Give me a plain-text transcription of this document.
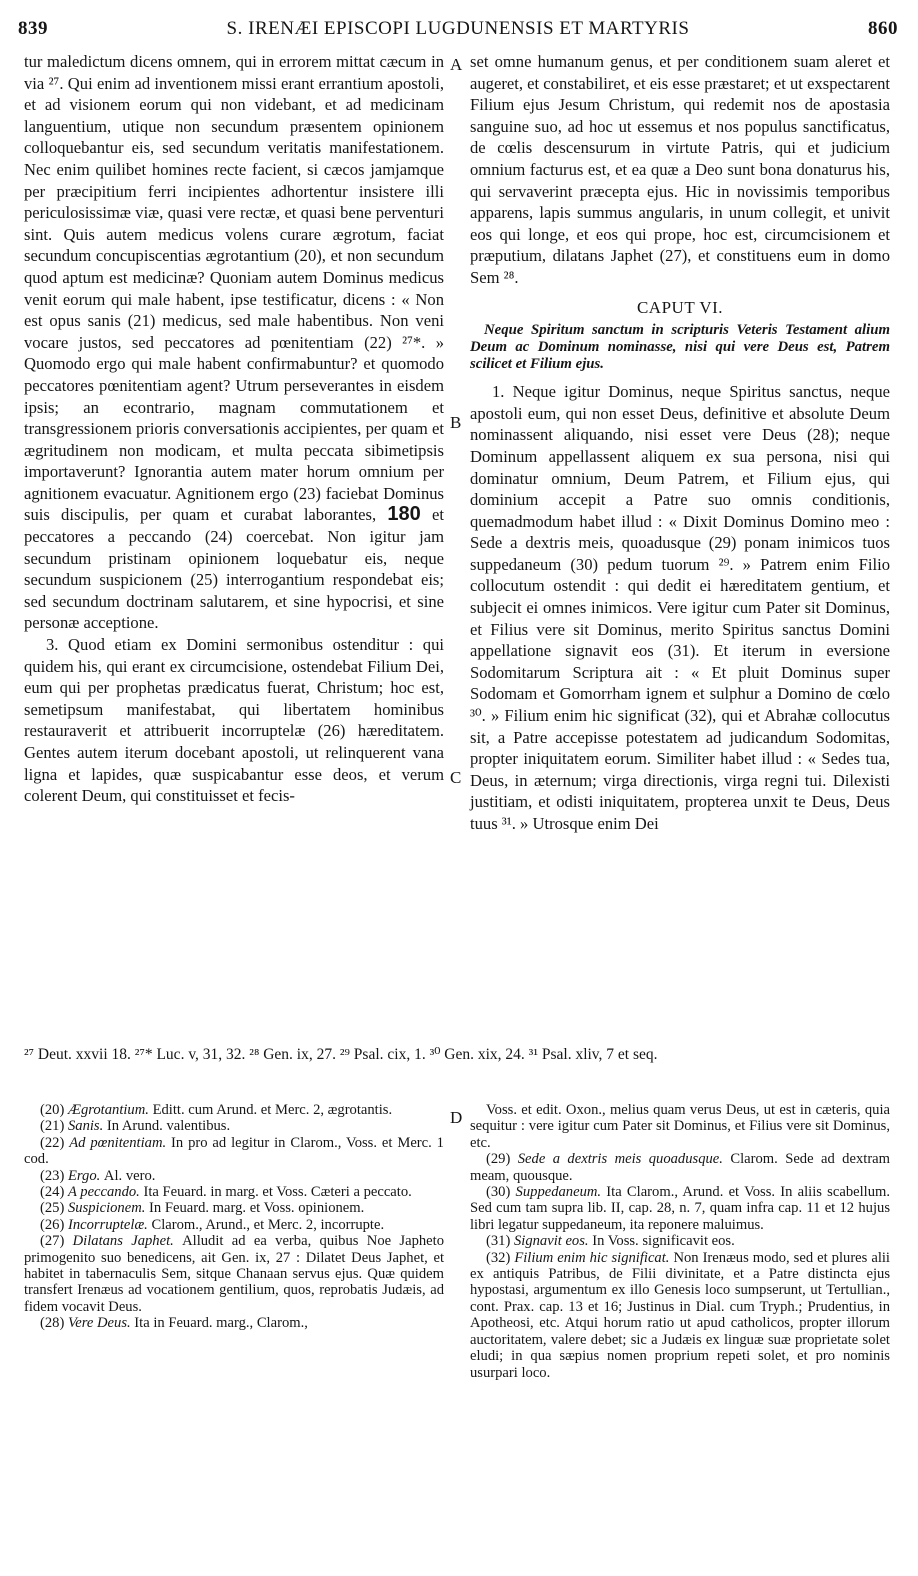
839	S. IRENÆI EPISCOPI LUGDUNENSIS ET MARTYRIS	860

tur maledictum dicens omnem, qui in errorem mittat cæcum in via ²⁷. Qui enim ad inventionem missi erant errantium apostoli, et ad visionem eorum qui non videbant, et ad medicinam languentium, utique non secundum præsentem opinionem colloquebantur eis, sed secundum veritatis manifestationem. Nec enim quilibet homines recte facient, si cæcos jamjamque per præcipitium ferri incipientes adhortentur insistere illi periculosissimæ viæ, quasi vere rectæ, et quasi bene perventuri sint. Quis autem medicus volens curare ægrotum, faciat secundum concupiscentias ægrotantium (20), et non secundum quod aptum est medicinæ? Quoniam autem Dominus medicus venit eorum qui male habent, ipse testificatur, dicens : « Non est opus sanis (21) medicus, sed male habentibus. Non veni vocare justos, sed peccatores ad pœnitentiam (22) ²⁷*. » Quomodo ergo qui male habent confirmabuntur? et quomodo peccatores pœnitentiam agent? Utrum perseverantes in eisdem ipsis; an econtrario, magnam commutationem et transgressionem prioris conversationis accipientes, per quam et ægritudinem non modicam, et multa peccata sibimetipsis importaverunt? Ignorantia autem mater horum omnium per agnitionem evacuatur. Agnitionem ergo (23) faciebat Dominus suis discipulis, per quam et curabat laborantes, 180 et peccatores a peccando (24) coercebat. Non igitur jam secundum pristinam opinionem loquebatur eis, neque secundum suspicionem (25) interrogantium respondebat eis; sed secundum doctrinam salutarem, et sine hypocrisi, et sine personæ acceptione.

3. Quod etiam ex Domini sermonibus ostenditur : qui quidem his, qui erant ex circumcisione, ostendebat Filium Dei, eum qui per prophetas prædicatus fuerat, Christum; hoc est, semetipsum manifestabat, qui libertatem hominibus restauraverit et attribuerit incorruptelæ (26) hæreditatem. Gentes autem iterum docebant apostoli, ut relinquerent vana ligna et lapides, quæ suspicabantur esse deos, et verum colerent Deum, qui constituisset et fecis-

A
B
C
D

set omne humanum genus, et per conditionem suam aleret et augeret, et constabiliret, et eis esse præstaret; et ut exspectarent Filium ejus Jesum Christum, qui redemit nos de apostasia sanguine suo, ad hoc ut essemus et nos populus sanctificatus, de cœlis descensurum in virtute Patris, qui et judicium omnium facturus est, et ea quæ a Deo sunt bona donaturus his, qui servaverint præcepta ejus. Hic in novissimis temporibus apparens, lapis summus angularis, in unum collegit, et univit eos qui longe, et eos qui prope, hoc est, circumcisionem et præputium, dilatans Japhet (27), et constituens eum in domo Sem ²⁸.

CAPUT VI.
Neque Spiritum sanctum in scripturis Veteris Testament alium Deum ac Dominum nominasse, nisi qui vere Deus est, Patrem scilicet et Filium ejus.

1. Neque igitur Dominus, neque Spiritus sanctus, neque apostoli eum, qui non esset Deus, definitive et absolute Deum nominassent aliquando, nisi esset vere Deus (28); neque Dominum appellassent aliquem ex sua persona, nisi qui dominatur omnium, Deum Patrem, et Filium ejus, qui dominium accepit a Patre suo omnis conditionis, quemadmodum habet illud : « Dixit Dominus Domino meo : Sede a dextris meis, quoadusque (29) ponam inimicos tuos suppedaneum (30) pedum tuorum ²⁹. » Patrem enim Filio collocutum ostendit : qui dedit ei hæreditatem gentium, et subjecit ei omnes inimicos. Vere igitur cum Pater sit Dominus, et Filius vere sit Dominus, merito Spiritus sanctus Domini appellatione signavit eos (31). Et iterum in eversione Sodomitarum Scriptura ait : « Et pluit Dominus super Sodomam et Gomorrham ignem et sulphur a Domino de cœlo ³⁰. » Filium enim hic significat (32), qui et Abrahæ collocutus sit, a Patre accepisse potestatem ad judicandum Sodomitas, propter iniquitatem eorum. Similiter habet illud : « Sedes tua, Deus, in æternum; virga directionis, virga regni tui. Dilexisti justitiam, et odisti iniquitatem, propterea unxit te Deus, Deus tuus ³¹. » Utrosque enim Dei

²⁷ Deut. xxvii 18. ²⁷* Luc. v, 31, 32. ²⁸ Gen. ix, 27. ²⁹ Psal. cix, 1. ³⁰ Gen. xix, 24. ³¹ Psal. xliv, 7 et seq.

(20) Ægrotantium. Editt. cum Arund. et Merc. 2, ægrotantis.

(21) Sanis. In Arund. valentibus.

(22) Ad pœnitentiam. In pro ad legitur in Clarom., Voss. et Merc. 1 cod.

(23) Ergo. Al. vero.

(24) A peccando. Ita Feuard. in marg. et Voss. Cæteri a peccato.

(25) Suspicionem. In Feuard. marg. et Voss. opinionem.

(26) Incorruptelæ. Clarom., Arund., et Merc. 2, incorrupte.

(27) Dilatans Japhet. Alludit ad ea verba, quibus Noe Japheto primogenito suo benedicens, ait Gen. ix, 27 : Dilatet Deus Japhet, et habitet in tabernaculis Sem, sitque Chanaan servus ejus. Quæ quidem transfert Irenæus ad vocationem gentilium, quos, reprobatis Judæis, ad fidem vocavit Deus.

(28) Vere Deus. Ita in Feuard. marg., Clarom.,

Voss. et edit. Oxon., melius quam verus Deus, ut est in cæteris, quia sequitur : vere igitur cum Pater sit Dominus, et Filius vere sit Dominus, etc.

(29) Sede a dextris meis quoadusque. Clarom. Sede ad dextram meam, quousque.

(30) Suppedaneum. Ita Clarom., Arund. et Voss. In aliis scabellum. Sed cum tam supra lib. II, cap. 28, n. 7, quam infra cap. 11 et 12 hujus libri legatur suppedaneum, ita reponere maluimus.

(31) Signavit eos. In Voss. significavit eos.

(32) Filium enim hic significat. Non Irenæus modo, sed et plures alii ex antiquis Patribus, de Filii divinitate, et a Patre distincta ejus hypostasi, argumentum ex illo Genesis loco sumpserunt, ut Tertullian., cont. Prax. cap. 13 et 16; Justinus in Dial. cum Tryph.; Prudentius, in Apotheosi, etc. Atqui horum ratio ut apud catholicos, propter illorum auctoritatem, valere debet; sic a Judæis ex linguæ suæ proprietate solet eludi; in qua sæpius nomen proprium repeti solet, et pro nominis usurpari loco.
